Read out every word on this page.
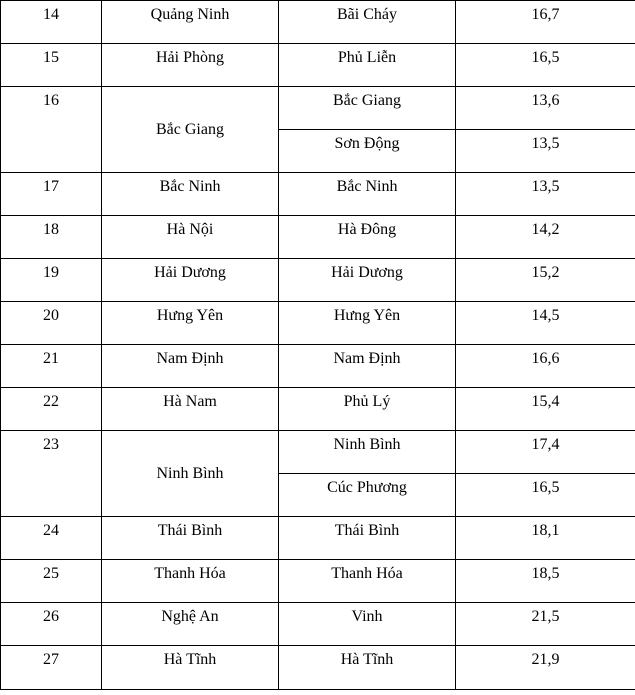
14	Quảng Ninh	Bãi Cháy	16,7

15	Hải Phòng	Phủ Liễn	16,5

16	Bắc Giang	Bắc Giang	13,6

		Sơn Động	13,5

17	Bắc Ninh	Bắc Ninh	13,5

18	Hà Nội	Hà Đông	14,2

19	Hải Dương	Hải Dương	15,2

20	Hưng Yên	Hưng Yên	14,5

21	Nam Định	Nam Định	16,6

22	Hà Nam	Phủ Lý	15,4

23	Ninh Bình	Ninh Bình	17,4

		Cúc Phương	16,5

24	Thái Bình	Thái Bình	18,1

25	Thanh Hóa	Thanh Hóa	18,5

26	Nghệ An	Vinh	21,5

27	Hà Tĩnh	Hà Tĩnh	21,9
